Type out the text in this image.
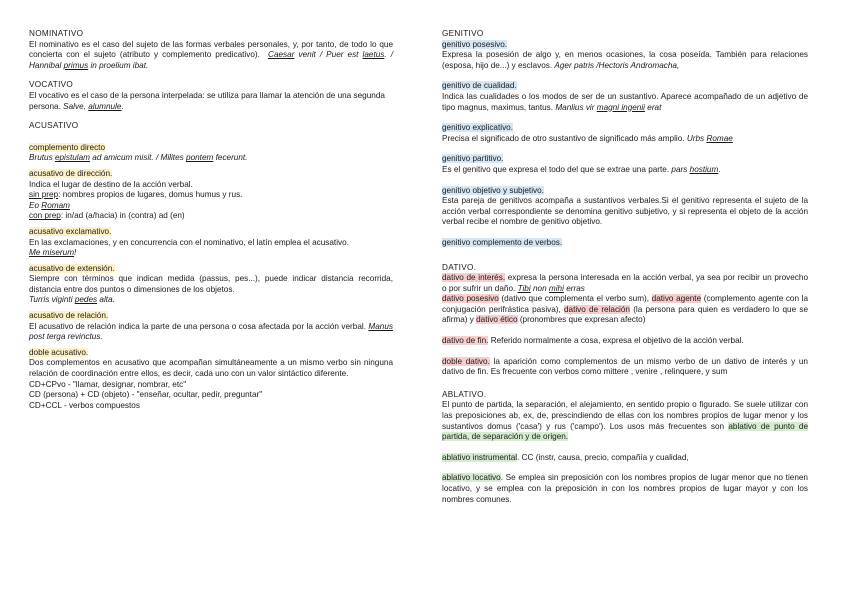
NOMINATIVO

El nominativo es el caso del sujeto de las formas verbales personales, y, por tanto, de todo lo que concierta con el sujeto (atributo y complemento predicativo). Caesar venit / Puer est laetus. / Hannibal primus in proelium ibat.

VOCATIVO

El vocativo es el caso de la persona interpelada: se utiliza para llamar la atención de una segunda persona. Salve, alumnule.

ACUSATIVO

complemento directo

Brutus epistulam ad amicum misit. / Milites pontem fecerunt.

acusativo de dirección.

Indica el lugar de destino de la acción verbal.

sin prep: nombres propios de lugares, domus humus y rus.

Eo Romam

con prep: in/ad (a/hacia) in (contra) ad (en)

acusativo exclamativo.

En las exclamaciones, y en concurrencia con el nominativo, el latín emplea el acusativo.

Me miserum!

acusativo de extensión.

Siempre con términos que indican medida (passus, pes...), puede indicar distancia recorrida, distancia entre dos puntos o dimensiones de los objetos.

Turris viginti pedes alta.

acusativo de relación.

El acusativo de relación indica la parte de una persona o cosa afectada por la acción verbal. Manus post terga revinctus.

doble acusativo.

Dos complementos en acusativo que acompañan simultáneamente a un mismo verbo sin ninguna relación de coordinación entre ellos, es decir, cada uno con un valor sintáctico diferente.

CD+CPvo - "llamar, designar, nombrar, etc"

CD (persona) + CD (objeto) - "enseñar, ocultar, pedir, preguntar"

CD+CCL - verbos compuestos

GENITIVO

genitivo posesivo.

Expresa la posesión de algo y, en menos ocasiones, la cosa poseída. También para relaciones (esposa, hijo de...) y esclavos. Ager patris /Hectoris Andromacha,

genitivo de cualidad.

Indica las cualidades o los modos de ser de un sustantivo. Aparece acompañado de un adjetivo de tipo magnus, maximus, tantus. Manlius vir magni ingenii erat

genitivo explicativo.

Precisa el significado de otro sustantivo de significado más amplio. Urbs Romae

genitivo partitivo.

Es el genitivo que expresa el todo del que se extrae una parte. pars hostium.

genitivo objetivo y subjetivo.

Esta pareja de genitivos acompaña a sustantivos verbales.Si el genitivo representa el sujeto de la acción verbal correspondiente se denomina genitivo subjetivo, y si representa el objeto de la acción verbal recibe el nombre de genitivo objetivo.

genitivo complemento de verbos.

DATIVO.

dativo de interés. expresa la persona interesada en la acción verbal, ya sea por recibir un provecho o por sufrir un daño. Tibi non mihi erras

dativo posesivo (dativo que complementa el verbo sum), dativo agente (complemento agente con la conjugación perifrástica pasiva), dativo de relación (la persona para quien es verdadero lo que se afirma) y dativo ético (pronombres que expresan afecto)

dativo de fin. Referido normalmente a cosa, expresa el objetivo de la acción verbal.

doble dativo. la aparición como complementos de un mismo verbo de un dativo de interés y un dativo de fin. Es frecuente con verbos como mittere , venire , relinquere, y sum

ABLATIVO.

El punto de partida, la separación, el alejamiento, en sentido propio o figurado. Se suele utilizar con las preposiciones ab, ex, de, prescindiendo de ellas con los nombres propios de lugar menor y los sustantivos domus ('casa') y rus ('campo'). Los usos más frecuentes son ablativo de punto de partida, de separación y de origen.

ablativo instrumental. CC (instr, causa, precio, compañía y cualidad,

ablativo locativo. Se emplea sin preposición con los nombres propios de lugar menor que no tienen locativo, y se emplea con la preposición in con los nombres propios de lugar mayor y con los nombres comunes.
